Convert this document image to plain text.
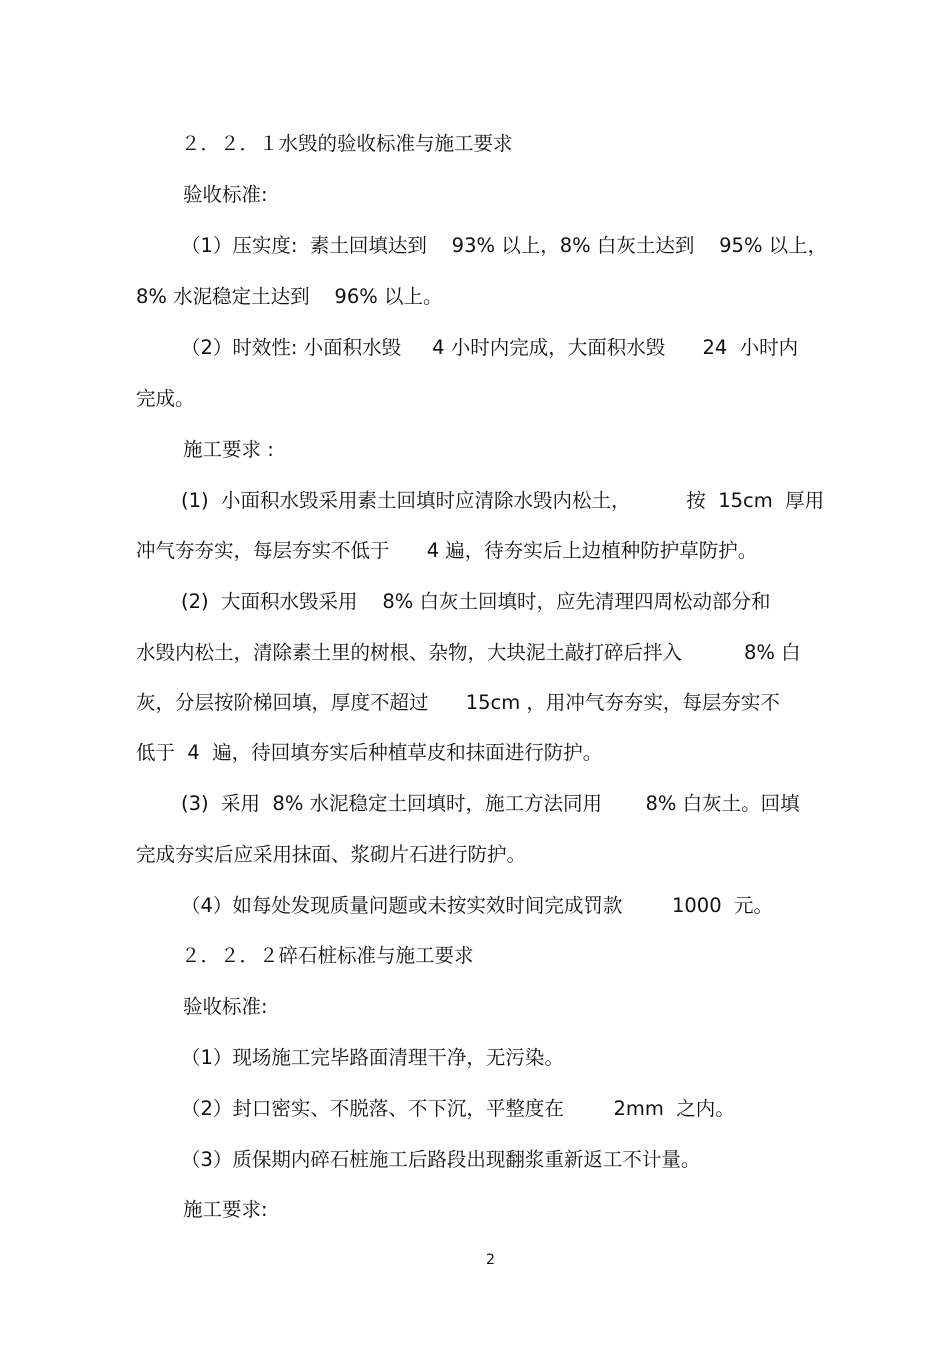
２．２．１水毁的验收标准与施工要求

验收标准:

（1）压实度:  素土回填达到    93% 以上，8% 白灰土达到    95% 以上，

8% 水泥稳定土达到    96% 以上。

（2）时效性: 小面积水毁     4 小时内完成，大面积水毁      24  小时内

完成。

施工要求 :

(1)  小面积水毁采用素土回填时应清除水毁内松土，         按  15cm  厚用

冲气夯夯实，每层夯实不低于      4 遍，待夯实后上边植种防护草防护。

(2)  大面积水毁采用    8% 白灰土回填时，应先清理四周松动部分和

水毁内松土，清除素土里的树根、杂物，大块泥土敲打碎后拌入          8% 白

灰，分层按阶梯回填，厚度不超过      15cm ，用冲气夯夯实，每层夯实不

低于  4  遍，待回填夯实后种植草皮和抹面进行防护。

(3)  采用  8% 水泥稳定土回填时，施工方法同用       8% 白灰土。回填

完成夯实后应采用抹面、浆砌片石进行防护。

（4）如每处发现质量问题或未按实效时间完成罚款        1000  元。

２．２．２碎石桩标准与施工要求

验收标准:

（1）现场施工完毕路面清理干净，无污染。

（2）封口密实、不脱落、不下沉，平整度在        2mm  之内。

（3）质保期内碎石桩施工后路段出现翻浆重新返工不计量。

施工要求:

2
